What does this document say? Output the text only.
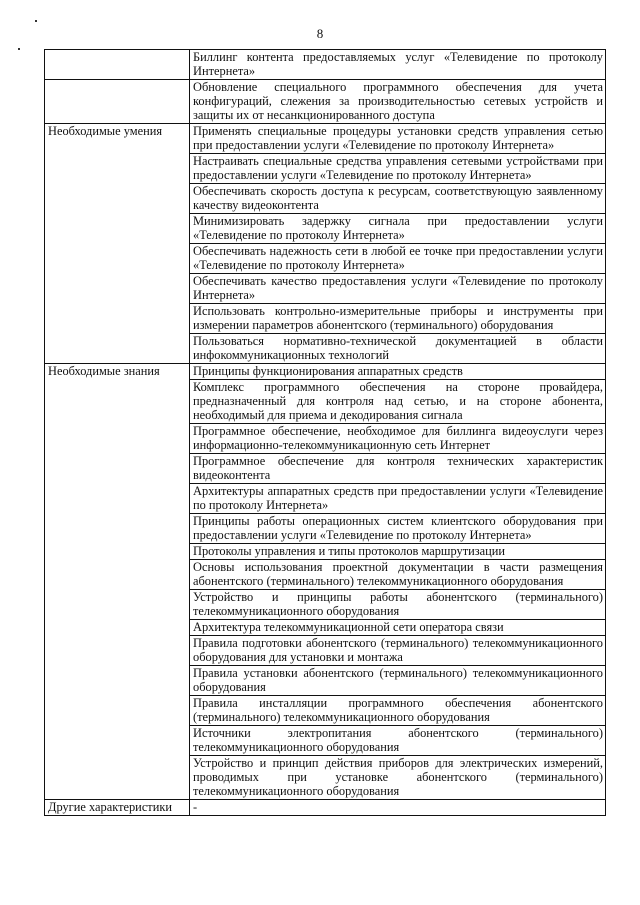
8
	Биллинг контента предоставляемых услуг «Телевидение по протоколу Интернета»
	Обновление специального программного обеспечения для учета конфигураций, слежения за производительностью сетевых устройств и защиты их от несанкционированного доступа
Необходимые умения	Применять специальные процедуры установки средств управления сетью при предоставлении услуги «Телевидение по протоколу Интернета»
	Настраивать специальные средства управления сетевыми устройствами при предоставлении услуги «Телевидение по протоколу Интернета»
	Обеспечивать скорость доступа к ресурсам, соответствующую заявленному качеству видеоконтента
	Минимизировать задержку сигнала при предоставлении услуги «Телевидение по протоколу Интернета»
	Обеспечивать надежность сети в любой ее точке при предоставлении услуги «Телевидение по протоколу Интернета»
	Обеспечивать качество предоставления услуги «Телевидение по протоколу Интернета»
	Использовать контрольно-измерительные приборы и инструменты при измерении параметров абонентского (терминального) оборудования
	Пользоваться нормативно-технической документацией в области инфокоммуникационных технологий
Необходимые знания	Принципы функционирования аппаратных средств
	Комплекс программного обеспечения на стороне провайдера, предназначенный для контроля над сетью, и на стороне абонента, необходимый для приема и декодирования сигнала
	Программное обеспечение, необходимое для биллинга видеоуслуги через информационно-телекоммуникационную сеть Интернет
	Программное обеспечение для контроля технических характеристик видеоконтента
	Архитектуры аппаратных средств при предоставлении услуги «Телевидение по протоколу Интернета»
	Принципы работы операционных систем клиентского оборудования при предоставлении услуги «Телевидение по протоколу Интернета»
	Протоколы управления и типы протоколов маршрутизации
	Основы использования проектной документации в части размещения абонентского (терминального) телекоммуникационного оборудования
	Устройство и принципы работы абонентского (терминального) телекоммуникационного оборудования
	Архитектура телекоммуникационной сети оператора связи
	Правила подготовки абонентского (терминального) телекоммуникационного оборудования для установки и монтажа
	Правила установки абонентского (терминального) телекоммуникационного оборудования
	Правила инсталляции программного обеспечения абонентского (терминального) телекоммуникационного оборудования
	Источники электропитания абонентского (терминального) телекоммуникационного оборудования
	Устройство и принцип действия приборов для электрических измерений, проводимых при установке абонентского (терминального) телекоммуникационного оборудования
Другие характеристики	-
